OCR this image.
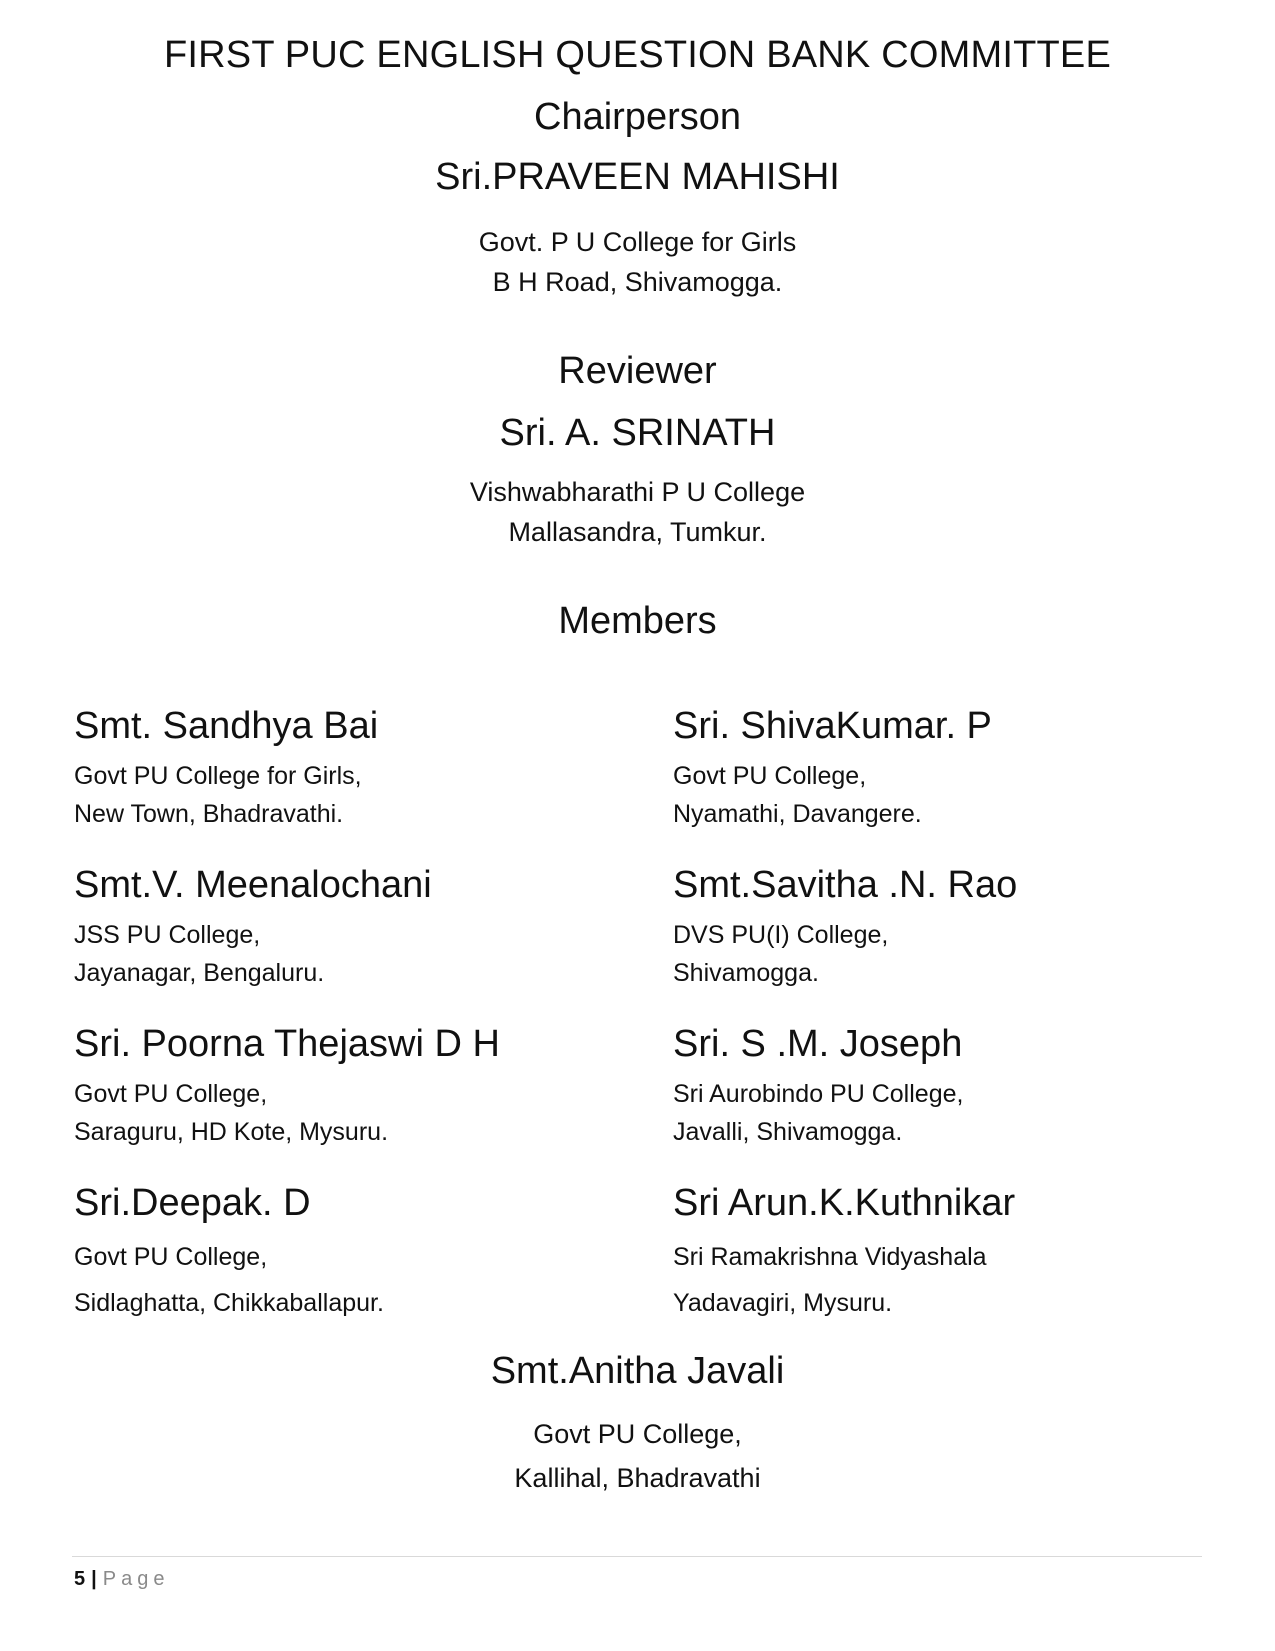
FIRST PUC ENGLISH QUESTION BANK COMMITTEE
Chairperson
Sri.PRAVEEN MAHISHI
Govt. P U College for Girls
B H Road, Shivamogga.
Reviewer
Sri. A. SRINATH
Vishwabharathi P U College
Mallasandra, Tumkur.
Members
Smt. Sandhya Bai
Govt PU College for Girls,
New Town, Bhadravathi.
Sri. ShivaKumar. P
Govt PU College,
Nyamathi, Davangere.
Smt.V. Meenalochani
JSS PU College,
Jayanagar, Bengaluru.
Smt.Savitha .N. Rao
DVS PU(I) College,
Shivamogga.
Sri. Poorna Thejaswi D H
Govt PU College,
Saraguru, HD Kote, Mysuru.
Sri. S .M. Joseph
Sri Aurobindo PU College,
Javalli, Shivamogga.
Sri.Deepak. D
Govt PU College,
Sidlaghatta, Chikkaballapur.
Sri Arun.K.Kuthnikar
Sri Ramakrishna Vidyashala
Yadavagiri, Mysuru.
Smt.Anitha Javali
Govt PU College,
Kallihal, Bhadravathi
5 | Page
